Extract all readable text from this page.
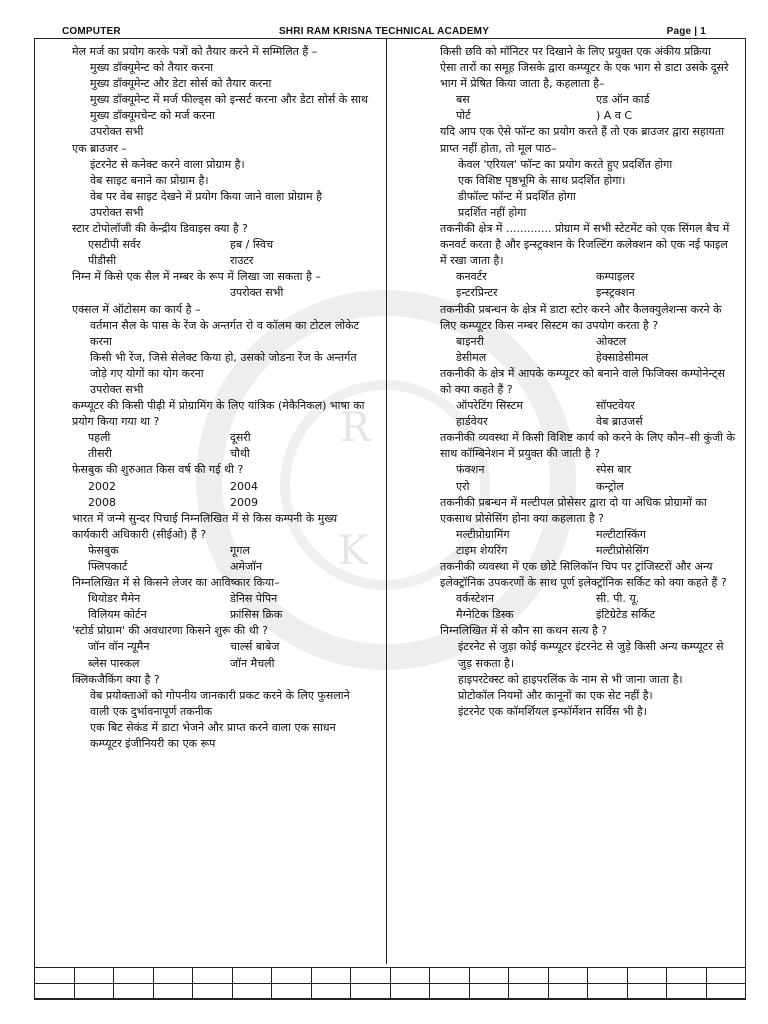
COMPUTER	SHRI RAM KRISNA TECHNICAL ACADEMY	Page | 1
R
K

मेल मर्ज का प्रयोग करके पत्रों को तैयार करने में सम्मिलित हैं –

मुख्य डॉक्यूमेन्ट को तैयार करना
मुख्य डॉक्यूमेन्ट और डेटा सोर्स को तैयार करना
मुख्य डॉक्यूमेन्ट में मर्ज फील्ड्स को इन्सर्ट करना और डेटा सोर्स के साथ मुख्य डॉक्यूमचेन्ट को मर्ज करना
उपरोक्त सभी

एक ब्राउजर –

इंटरनेट से कनेक्ट करने वाला प्रोग्राम है।
वेब साइट बनाने का प्रोग्राम है।
वेब पर वेब साइट देखने में प्रयोग किया जाने वाला प्रोग्राम है
उपरोक्त सभी

स्टार टोपोलॉजी की केन्द्रीय डिवाइस क्या है ?

एसटीपी सर्वर	हब / स्विच
पीडीसी	राउटर

निम्न में किसे एक सैल में नम्बर के रूप में लिखा जा सकता है –

उपरोक्त सभी

एक्सल में ऑटोसम का कार्य है –

वर्तमान सैल के पास के रेंज के अन्तर्गत रो व कॉलम का टोटल लोकेट करना
किसी भी रेंज, जिसे सेलेक्ट किया हो, उसको जोडना रेंज के अन्तर्गत जोड़े गए योगों का योग करना
उपरोक्त सभी

कम्प्यूटर की किसी पीढ़ी में प्रोग्रामिंग के लिए यांत्रिक (मेकैनिकल) भाषा का प्रयोग किया गया था ?

पहली	दूसरी
तीसरी	चौथी

फेसबुक की शुरुआत किस वर्ष की गई थी ?

2002	2004
2008	2009

भारत में जन्मे सुन्दर पिचाई निम्नलिखित में से किस कम्पनी के मुख्य कार्यकारी अधिकारी (सीईओ) हैं ?

फेसबुक	गूगल
फ्लिपकार्ट	अमेजॉन

निम्नलिखित में से किसने लेजर का आविष्कार किया–

थियोडर मैमेन	डेनिस पेपिन
विलियम कोर्टन	फ्रांसिस क्रिक

'स्टोर्ड प्रोग्राम' की अवधारणा किसने शुरू की थी ?

जॉन वॉन न्यूमैन	चार्ल्स बाबेज
ब्लेस पास्कल	जॉन मैचली

क्लिकजैकिंग क्या है ?

वेब प्रयोक्ताओं को गोपनीय जानकारी प्रकट करने के लिए फुसलाने वाली एक दुर्भावनापूर्ण तकनीक
एक बिट सेकंड में डाटा भेजने और प्राप्त करने वाला एक साधन
कम्प्यूटर इंजीनियरी का एक रूप

किसी छवि को मॉनिटर पर दिखाने के लिए प्रयुक्त एक अंकीय प्रक्रिया

ऐसा तारों का समूह जिसके द्वारा कम्प्यूटर के एक भाग से डाटा उसके दूसरे भाग में प्रेषित किया जाता है, कहलाता है–

बस	एड ऑन कार्ड
पोर्ट	) A व C

यदि आप एक ऐसे फॉन्ट का प्रयोग करते हैं तो एक ब्राउजर द्वारा सहायता प्राप्त नहीं होता, तो मूल पाठ–

केवल 'एरियल' फॉन्ट का प्रयोग करते हुए प्रदर्शित होगा
एक विशिष्ट पृष्ठभूमि के साथ प्रदर्शित होगा।
डीफॉल्ट फॉन्ट में प्रदर्शित होगा
प्रदर्शित नहीं होगा

तकनीकी क्षेत्र में ............. प्रोग्राम में सभी स्टेटमेंट को एक सिंगल बैच में कनवर्ट करता है और इन्स्ट्रक्शन के रिजल्टिंग कलेक्शन को एक नई फाइल में रखा जाता है।

कनवर्टर	कम्पाइलर
इन्टरप्रिन्टर	इन्स्ट्रक्शन

तकनीकी प्रबन्धन के क्षेत्र में डाटा स्टोर करने और कैलक्युलेशन्स करने के लिए कम्प्यूटर किस नम्बर सिस्टम का उपयोग करता है ?

बाइनरी	ओक्टल
डेसीमल	हेक्साडेसीमल

तकनीकी के क्षेत्र में आपके कम्प्यूटर को बनाने वाले फिजिक्स कम्पोनेन्ट्स को क्या कहते हैं ?

ऑपरेटिंग सिस्टम	सॉफ्टवेयर
हार्डवेयर	वेब ब्राउजर्स

तकनीकी व्यवस्था में किसी विशिष्ट कार्य को करने के लिए कौन–सी कुंजी के साथ कॉम्बिनेशन में प्रयुक्त की जाती है ?

फंक्शन	स्पेस बार
एरो	कन्ट्रोल

तकनीकी प्रबन्धन में मल्टीपल प्रोसेसर द्वारा दो या अधिक प्रोग्रामों का एकसाथ प्रोसेसिंग होना क्या कहलाता है ?

मल्टीप्रोग्रामिंग	मल्टीटास्किंग
टाइम शेयरिंग	मल्टीप्रोसेसिंग

तकनीकी व्यवस्था में एक छोटे सिलिकॉन चिप पर ट्रांजिस्टरों और अन्य इलेक्ट्रॉनिक उपकरणों के साथ पूर्ण इलेक्ट्रॉनिक सर्किट को क्या कहते हैं ?

वर्कस्टेशन	सी. पी. यू.
मैग्नेटिक डिस्क	इंटिग्रेटेड सर्किट

निम्नलिखित में से कौन सा कथन सत्य है ?

इंटरनेट से जुड़ा कोई कम्प्यूटर इंटरनेट से जुड़े किसी अन्य कम्प्यूटर से जुड़ सकता है।
हाइपरटेक्स्ट को हाइपरलिंक के नाम से भी जाना जाता है।
प्रोटोकॉल नियमों और कानूनों का एक सेट नहीं है।
इंटरनेट एक कॉमर्शियल इन्फॉर्मेशन सर्विस भी है।
